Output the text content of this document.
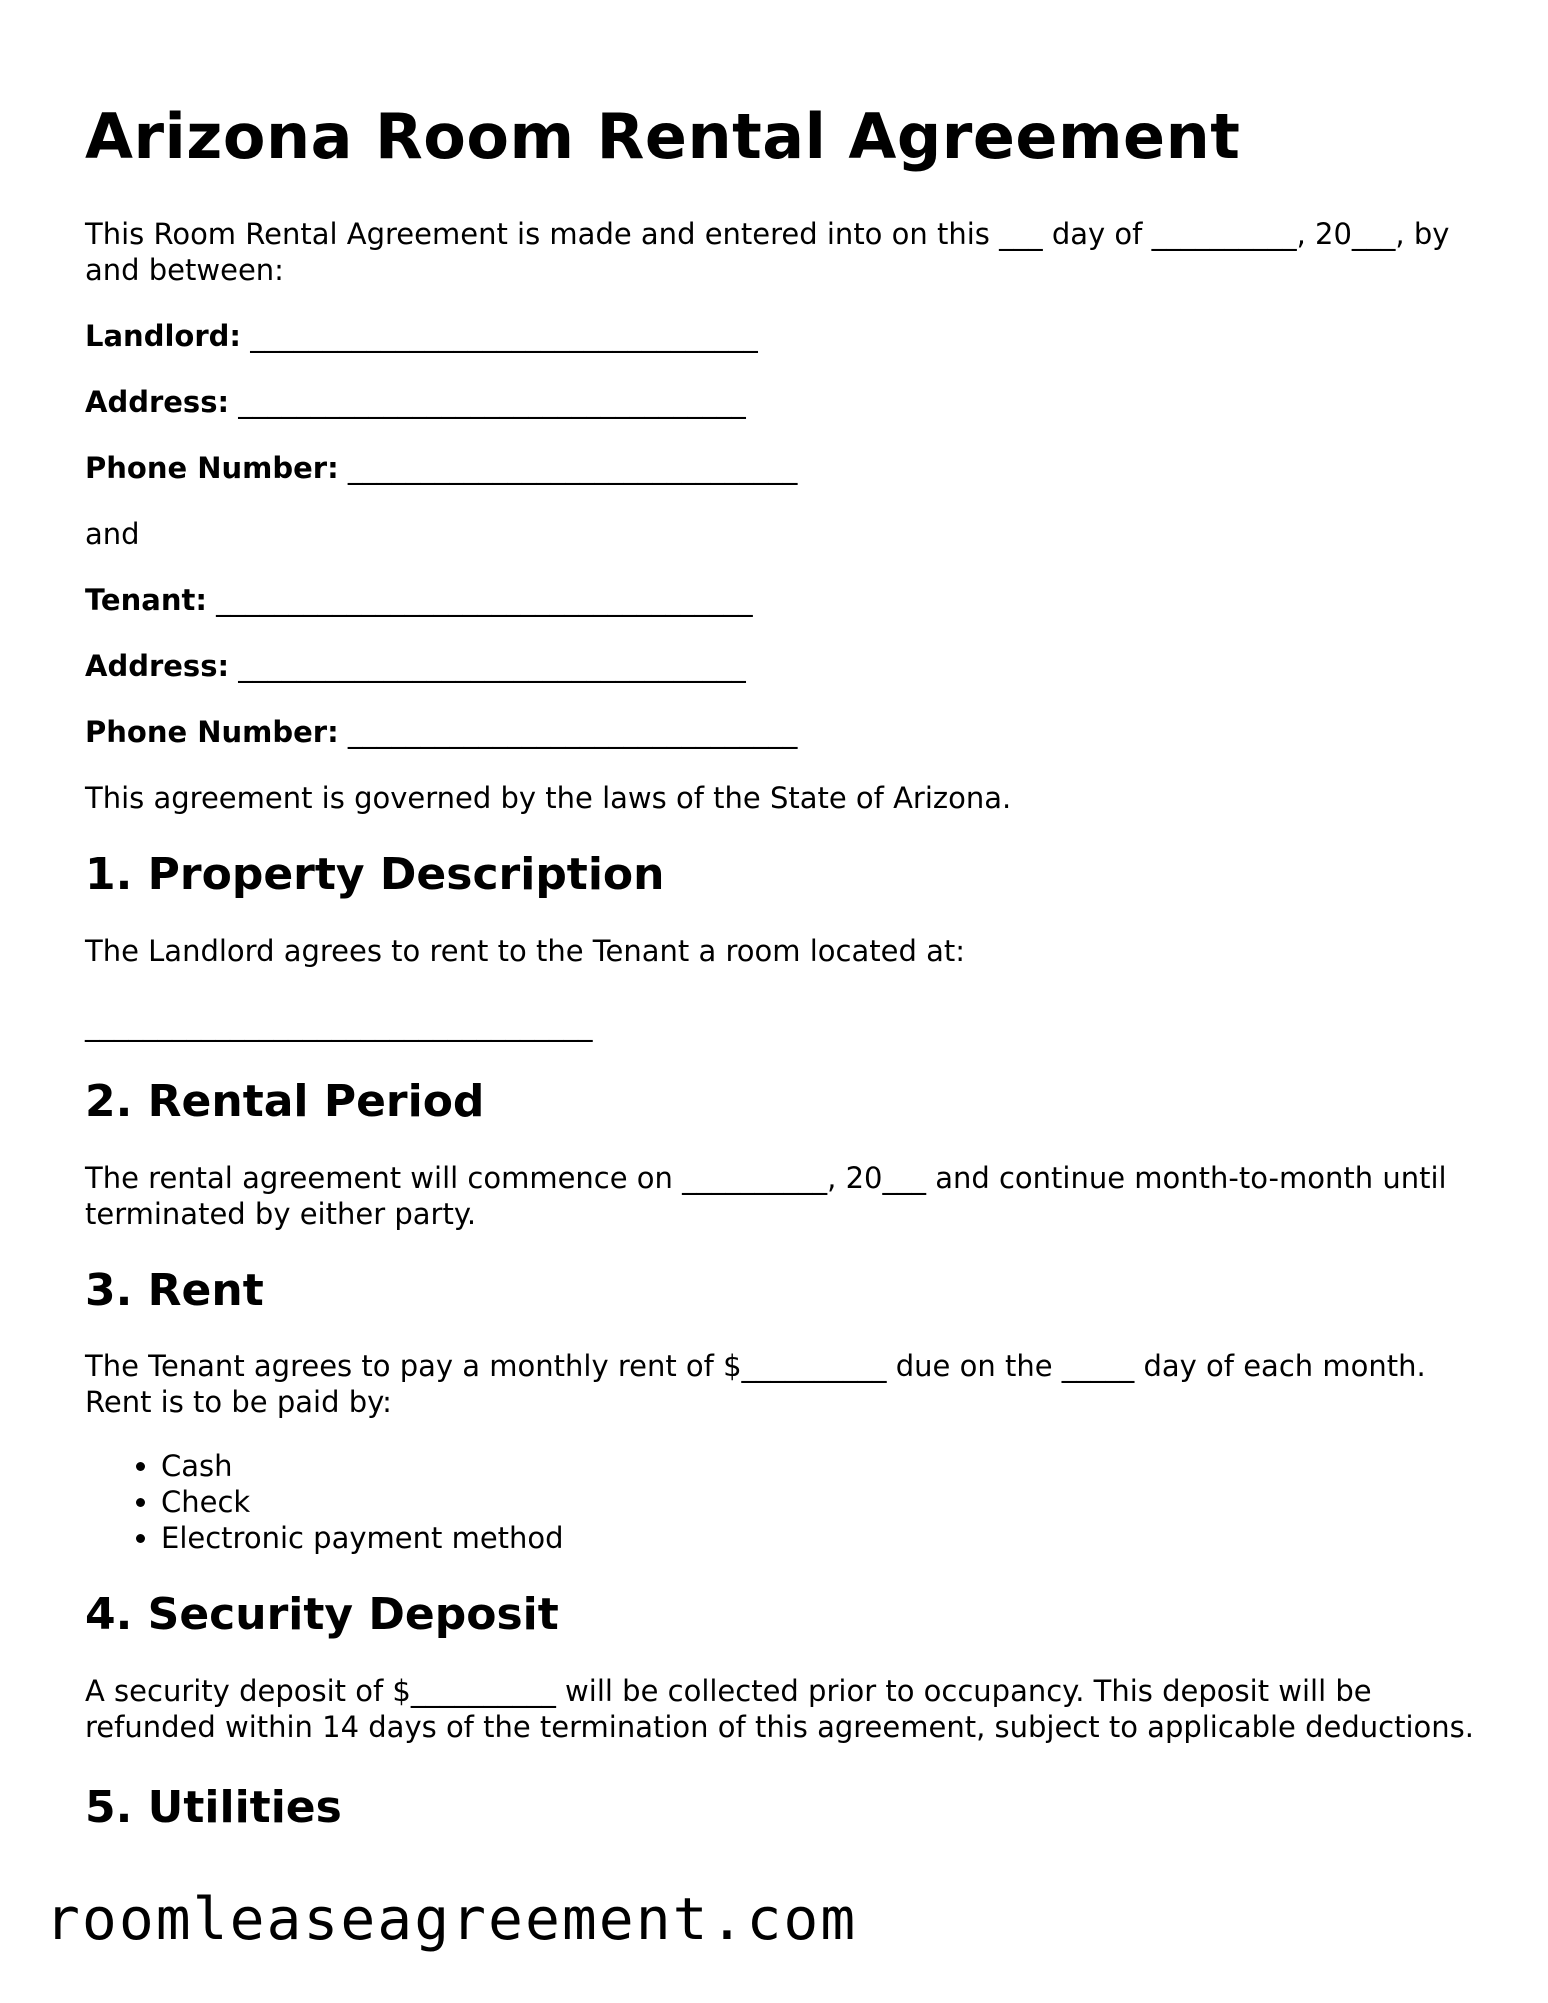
Arizona Room Rental Agreement

This Room Rental Agreement is made and entered into on this ___ day of __________, 20___, by and between:

Landlord: ___________________________________

Address: ___________________________________

Phone Number: _______________________________

and

Tenant: _____________________________________

Address: ___________________________________

Phone Number: _______________________________

This agreement is governed by the laws of the State of Arizona.

1. Property Description

The Landlord agrees to rent to the Tenant a room located at:

___________________________________

2. Rental Period

The rental agreement will commence on __________, 20___ and continue month-to-month until terminated by either party.

3. Rent

The Tenant agrees to pay a monthly rent of $__________ due on the _____ day of each month. Rent is to be paid by:

• Cash
• Check
• Electronic payment method
4. Security Deposit

A security deposit of $__________ will be collected prior to occupancy. This deposit will be refunded within 14 days of the termination of this agreement, subject to applicable deductions.

5. Utilities
roomleaseagreement.com
